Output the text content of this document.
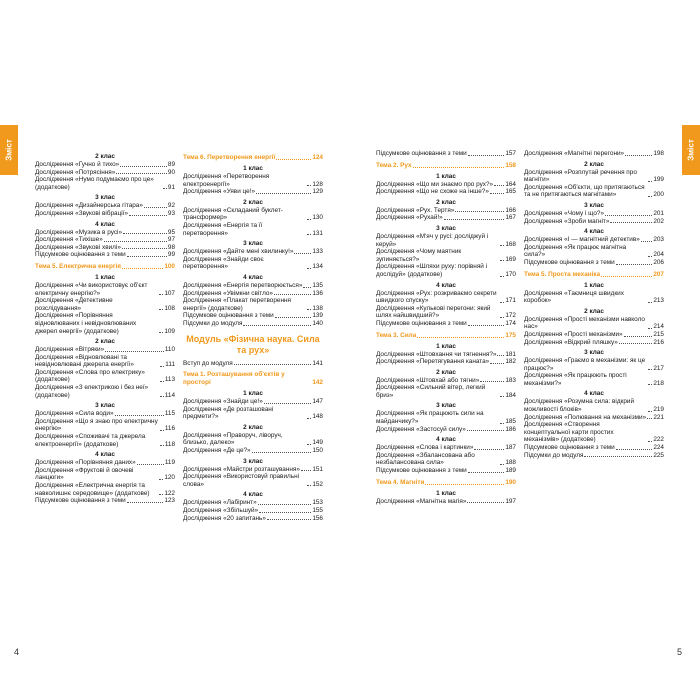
Зміст	2 клас
Дослідження «Гучно й тихо»	89
Дослідження «Потрясіння»	90
Дослідження «Нумо подумаємо про це» (додаткове)	91
3 клас
Дослідження «Дизайнерська гітара»	92
Дослідження «Звукові вібрації»	93
4 клас
Дослідження «Музика в русі»	95
Дослідження «Тихіше»	97
Дослідження «Звукові хвилі»	98
Підсумкове оцінювання з теми	99
Тема 5. Електрична енергія	100
1 клас
Дослідження «Чи використовує об'єкт електричну енергію?»	107
Дослідження «Детективне розслідування»	108
Дослідження «Порівняння відновлюваних і невідновлюваних джерел енергії» (додаткове)	109
2 клас
Дослідження «Вітряки»	110
Дослідження «Відновлювані та невідновлювані джерела енергії»	111
Дослідження «Слова про електрику» (додаткове)	113
Дослідження «З електрикою і без неї» (додаткове)	114
3 клас
Дослідження «Сила води»	115
Дослідження «Що я знаю про електричну енергію»	116
Дослідження «Споживачі та джерела електроенергії» (додаткове)	118
4 клас
Дослідження «Порівняння даних»	119
Дослідження «Фруктові й овочеві ланцюги»	120
Дослідження «Електрична енергія та навколишнє середовище» (додаткове)	122
Підсумкове оцінювання з теми	123
Тема 6. Перетворення енергії	124
1 клас
Дослідження «Перетворення електроенергії»	128
Дослідження «Уяви це!»	129
2 клас
Дослідження «Складаний буклет-трансформер»	130
Дослідження «Енергія та її перетворення»	131
3 клас
Дослідження «Дайте мені хвилинку!»	133
Дослідження «Знайди своє перетворення»	134
4 клас
Дослідження «Енергія перетворюється» 135
Дослідження «Увімкни світло»	136
Дослідження «Плакат перетворення енергії» (додаткове)	138
Підсумкове оцінювання з теми	139
Підсумки до модуля	140
Модуль «Фізична наука. Сила та рух»
Вступ до модуля	141
Тема 1. Розташування об'єктів у просторі	142
1 клас
Дослідження «Знайди це!»	147
Дослідження «Де розташовані предмети?»	148
2 клас
Дослідження «Праворуч, ліворуч, близько, далеко»	149
Дослідження «Де це?»	150
3 клас
Дослідження «Майстри розташування» 151
Дослідження «Використовуй правильні слова»	152
4 клас
Дослідження «Лабіринт»	153
Дослідження «Збільшуй»	155
Дослідження «20 запитань»	156
4
Підсумкове оцінювання з теми	157
Тема 2. Рух	158
1 клас
Дослідження «Що ми знаємо про рух?» 164
Дослідження «Що не схоже на інше?»	165
2 клас
Дослідження «Рух. Тертя»	166
Дослідження «Рухай!»	167
3 клас
Дослідження «М'яч у русі: досліджуй і керуй»	168
Дослідження «Чому маятник зупиняється?»	169
Дослідження «Шляхи руху: порівняй і дослідуй» (додаткове)	170
4 клас
Дослідження «Рух: розкриваємо секрети швидкого спуску»	171
Дослідження «Кулькові перегони: який шлях найшвидший?»	172
Підсумкове оцінювання з теми	174
Тема 3. Сила	175
1 клас
Дослідження «Штовхання чи тягнення?» 181
Дослідження «Перетягування каната»	182
2 клас
Дослідження «Штовхай або тягни»	183
Дослідження «Сильний вітер, легкий бриз»	184
3 клас
Дослідження «Як працюють сили на майданчику?»	185
Дослідження «Застосуй силу»	186
4 клас
Дослідження «Слова і картинки»	187
Дослідження «Збалансована або незбалансована сила»	188
Підсумкове оцінювання з теми	189
Тема 4. Магніти	190
1 клас
Дослідження «Магнітна магія»	197
Дослідження «Магнітні перегони»	198
2 клас
Дослідження «Розплутай речення про магніти»	199
Дослідження «Об'єкти, що притягаються та не притягаються магнітами»	200
3 клас
Дослідження «Чому і що?»	201
Дослідження «Зроби магніт»	202
4 клас
Дослідження «І — магнітний детектив» 203
Дослідження «Як працює магнітна сила?»	204
Підсумкове оцінювання з теми	206
Тема 5. Проста механіка	207
1 клас
Дослідження «Таємниця швидких коробок»	213
2 клас
Дослідження «Прості механізми навколо нас»	214
Дослідження «Прості механізми»	215
Дослідження «Відкрий пляшку»	216
3 клас
Дослідження «Граємо в механізми: як це працює?»	217
Дослідження «Як працюють прості механізми?»	218
4 клас
Дослідження «Розумна сила: відкрий можливості блоків»	219
Дослідження «Полювання на механізми» 221
Дослідження «Створення концептуальної карти простих механізмів» (додаткове)	222
Підсумкове оцінювання з теми	224
Підсумки до модуля	225
Зміст
5
